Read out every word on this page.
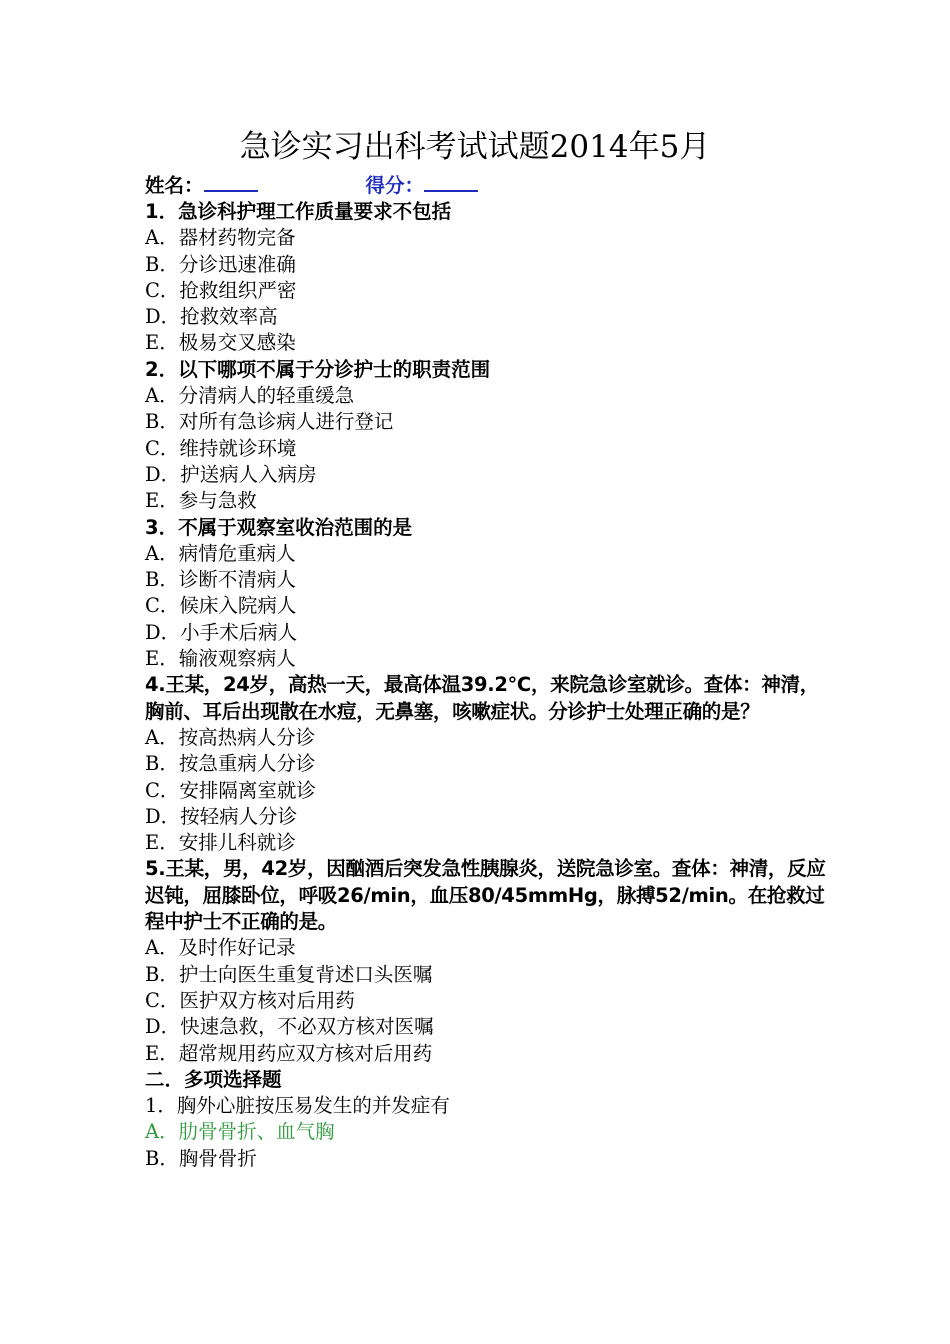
急诊实习出科考试试题2014年5月
姓名：	得分：
1．急诊科护理工作质量要求不包括
A．器材药物完备
B．分诊迅速准确
C．抢救组织严密
D．抢救效率高
E．极易交叉感染
2．以下哪项不属于分诊护士的职责范围
A．分清病人的轻重缓急
B．对所有急诊病人进行登记
C．维持就诊环境
D．护送病人入病房
E．参与急救
3．不属于观察室收治范围的是
A．病情危重病人
B．诊断不清病人
C．候床入院病人
D．小手术后病人
E．输液观察病人
4.王某，24岁，高热一天，最高体温39.2℃，来院急诊室就诊。查体：神清，胸前、耳后出现散在水痘，无鼻塞，咳嗽症状。分诊护士处理正确的是？
A．按高热病人分诊
B．按急重病人分诊
C．安排隔离室就诊
D．按轻病人分诊
E．安排儿科就诊
5.王某，男，42岁，因酗酒后突发急性胰腺炎，送院急诊室。查体：神清，反应迟钝，屈膝卧位，呼吸26/min，血压80/45mmHg，脉搏52/min。在抢救过程中护士不正确的是。
A．及时作好记录
B．护士向医生重复背述口头医嘱
C．医护双方核对后用药
D．快速急救，不必双方核对医嘱
E．超常规用药应双方核对后用药
二．多项选择题
1．胸外心脏按压易发生的并发症有
A．肋骨骨折、血气胸
B．胸骨骨折
